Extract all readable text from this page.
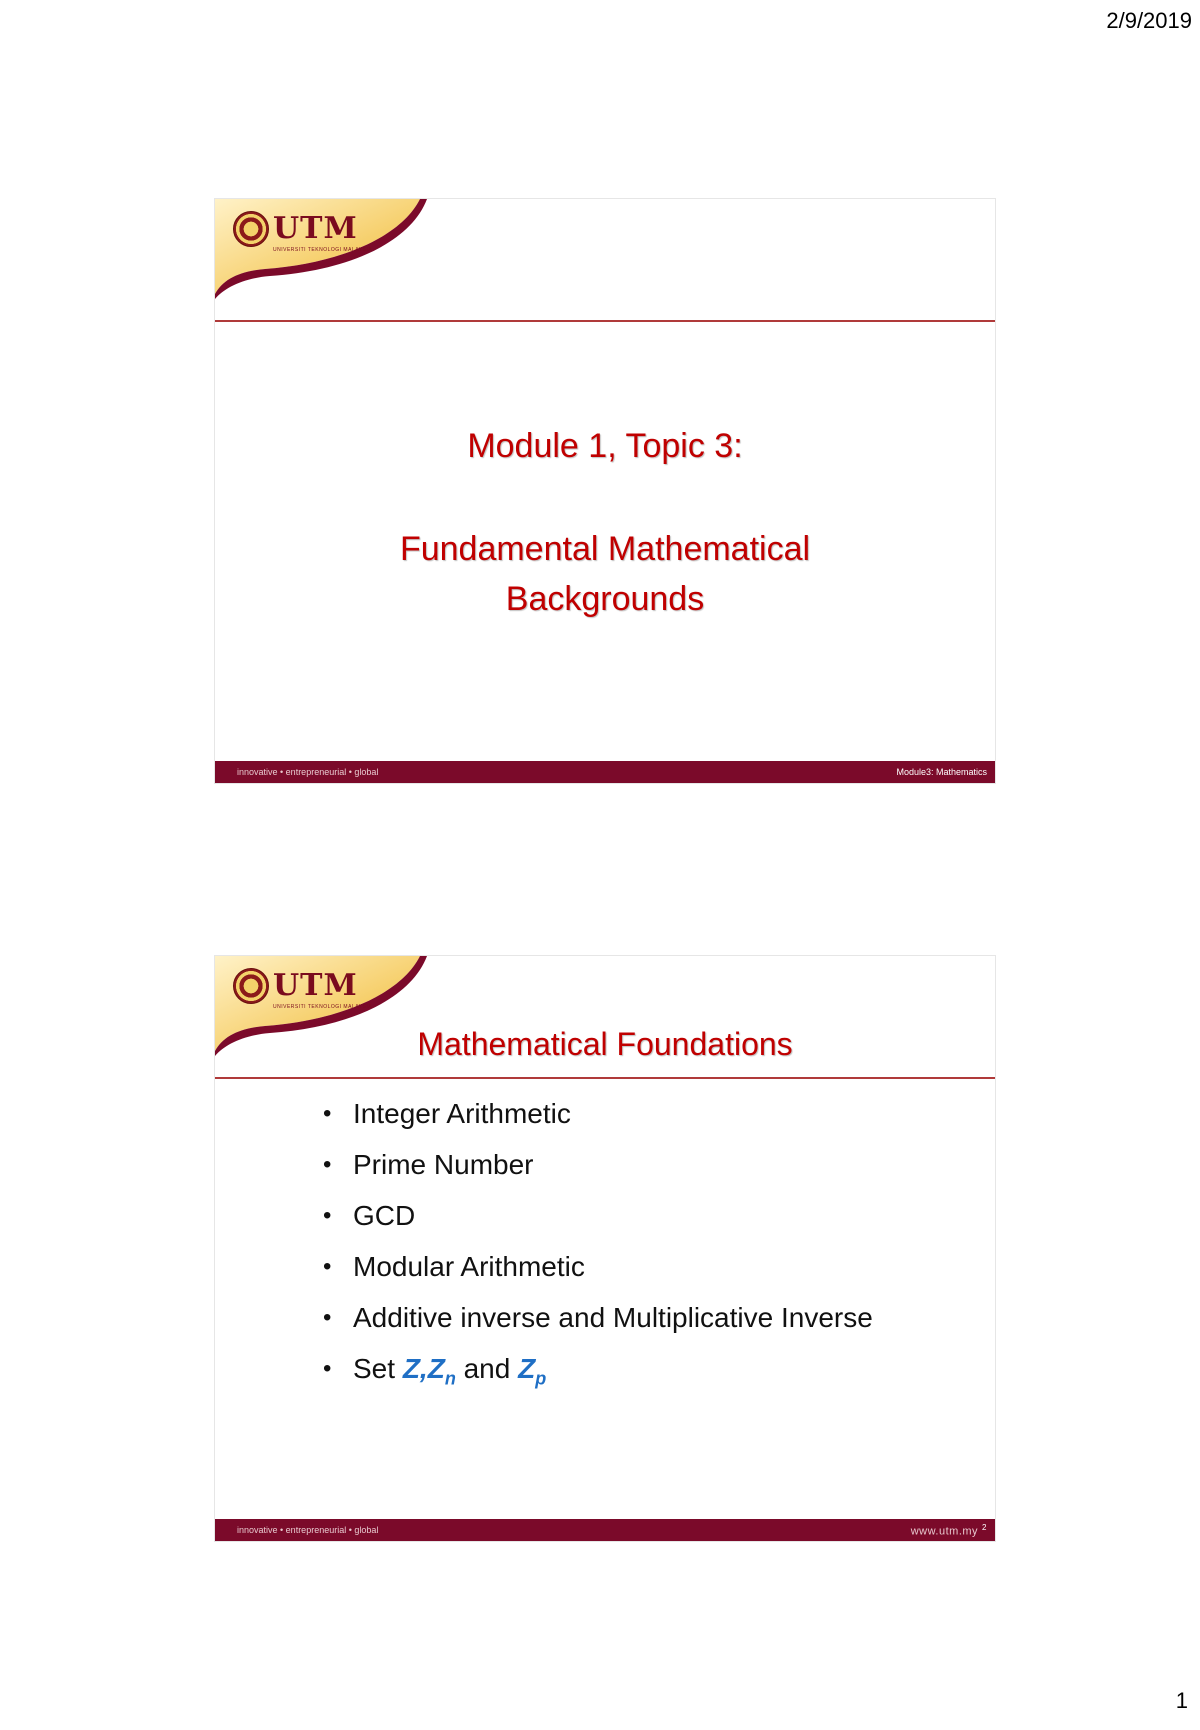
2/9/2019
UTM
UNIVERSITI TEKNOLOGI MALAYSIA
Module 1, Topic 3:
Fundamental Mathematical
Backgrounds
innovative • entrepreneurial • global	Module3: Mathematics
UTM
UNIVERSITI TEKNOLOGI MALAYSIA
Mathematical Foundations
• Integer Arithmetic
• Prime Number
• GCD
• Modular Arithmetic
• Additive inverse and Multiplicative Inverse
• Set $Z,Z_n$ and $Z_p$
innovative • entrepreneurial • global	www.utm.my $^2$
1
